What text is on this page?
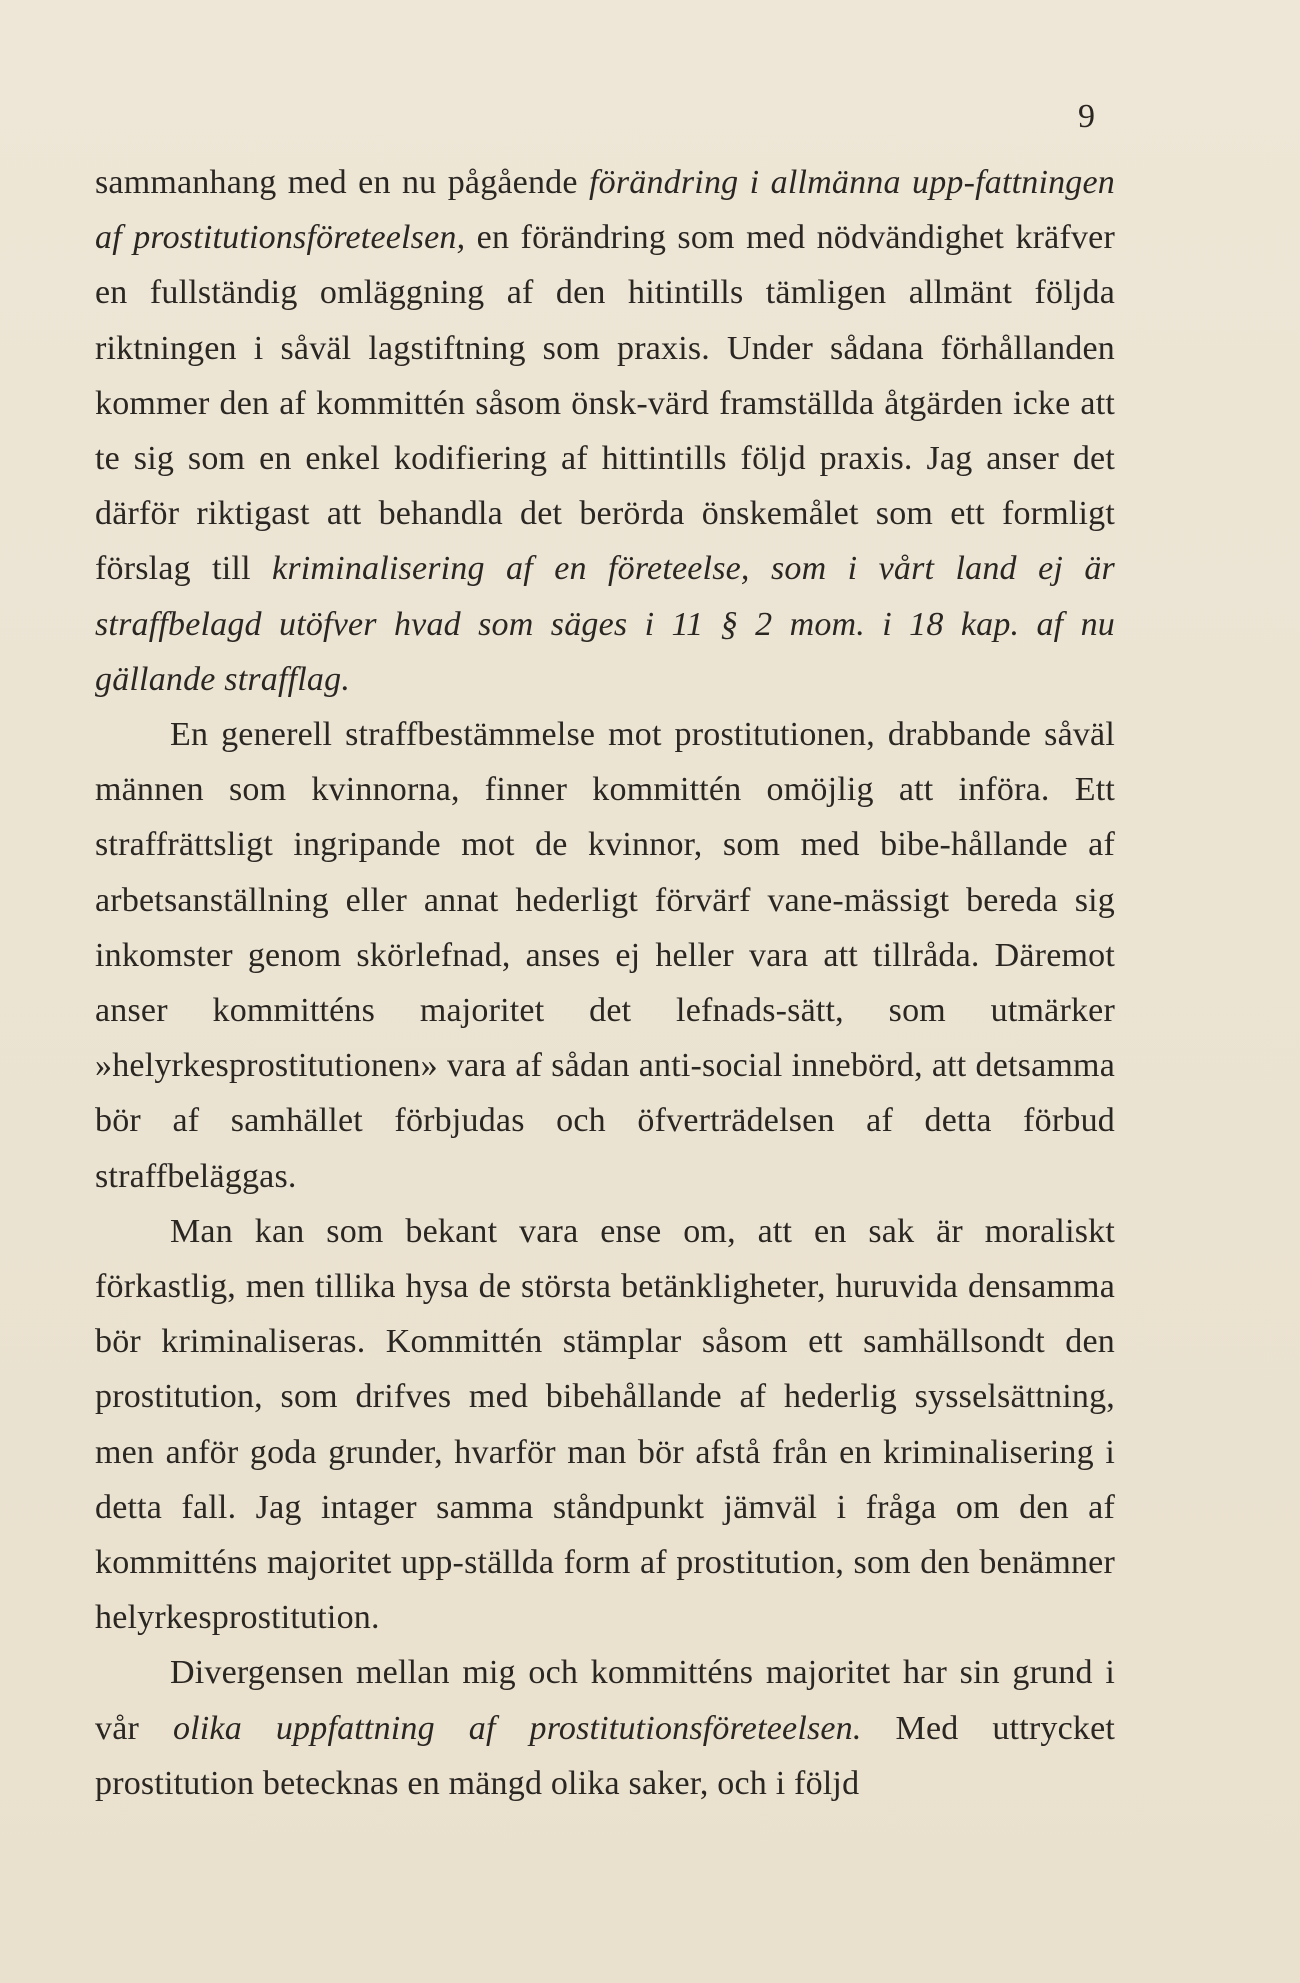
9

sammanhang med en nu pågående förändring i allmänna upp-fattningen af prostitutionsföreteelsen, en förändring som med nödvändighet kräfver en fullständig omläggning af den hitintills tämligen allmänt följda riktningen i såväl lagstiftning som praxis. Under sådana förhållanden kommer den af kommittén såsom önsk-värd framställda åtgärden icke att te sig som en enkel kodifiering af hittintills följd praxis. Jag anser det därför riktigast att behandla det berörda önskemålet som ett formligt förslag till kriminalisering af en företeelse, som i vårt land ej är straffbelagd utöfver hvad som säges i 11 § 2 mom. i 18 kap. af nu gällande strafflag.

En generell straffbestämmelse mot prostitutionen, drabbande såväl männen som kvinnorna, finner kommittén omöjlig att införa. Ett straffrättsligt ingripande mot de kvinnor, som med bibe-hållande af arbetsanställning eller annat hederligt förvärf vane-mässigt bereda sig inkomster genom skörlefnad, anses ej heller vara att tillråda. Däremot anser kommitténs majoritet det lefnads-sätt, som utmärker »helyrkesprostitutionen» vara af sådan anti-social innebörd, att detsamma bör af samhället förbjudas och öfverträdelsen af detta förbud straffbeläggas.

Man kan som bekant vara ense om, att en sak är moraliskt förkastlig, men tillika hysa de största betänkligheter, huruvida densamma bör kriminaliseras. Kommittén stämplar såsom ett samhällsondt den prostitution, som drifves med bibehållande af hederlig sysselsättning, men anför goda grunder, hvarför man bör afstå från en kriminalisering i detta fall. Jag intager samma ståndpunkt jämväl i fråga om den af kommitténs majoritet upp-ställda form af prostitution, som den benämner helyrkesprostitution.

Divergensen mellan mig och kommitténs majoritet har sin grund i vår olika uppfattning af prostitutionsföreteelsen. Med uttrycket prostitution betecknas en mängd olika saker, och i följd
